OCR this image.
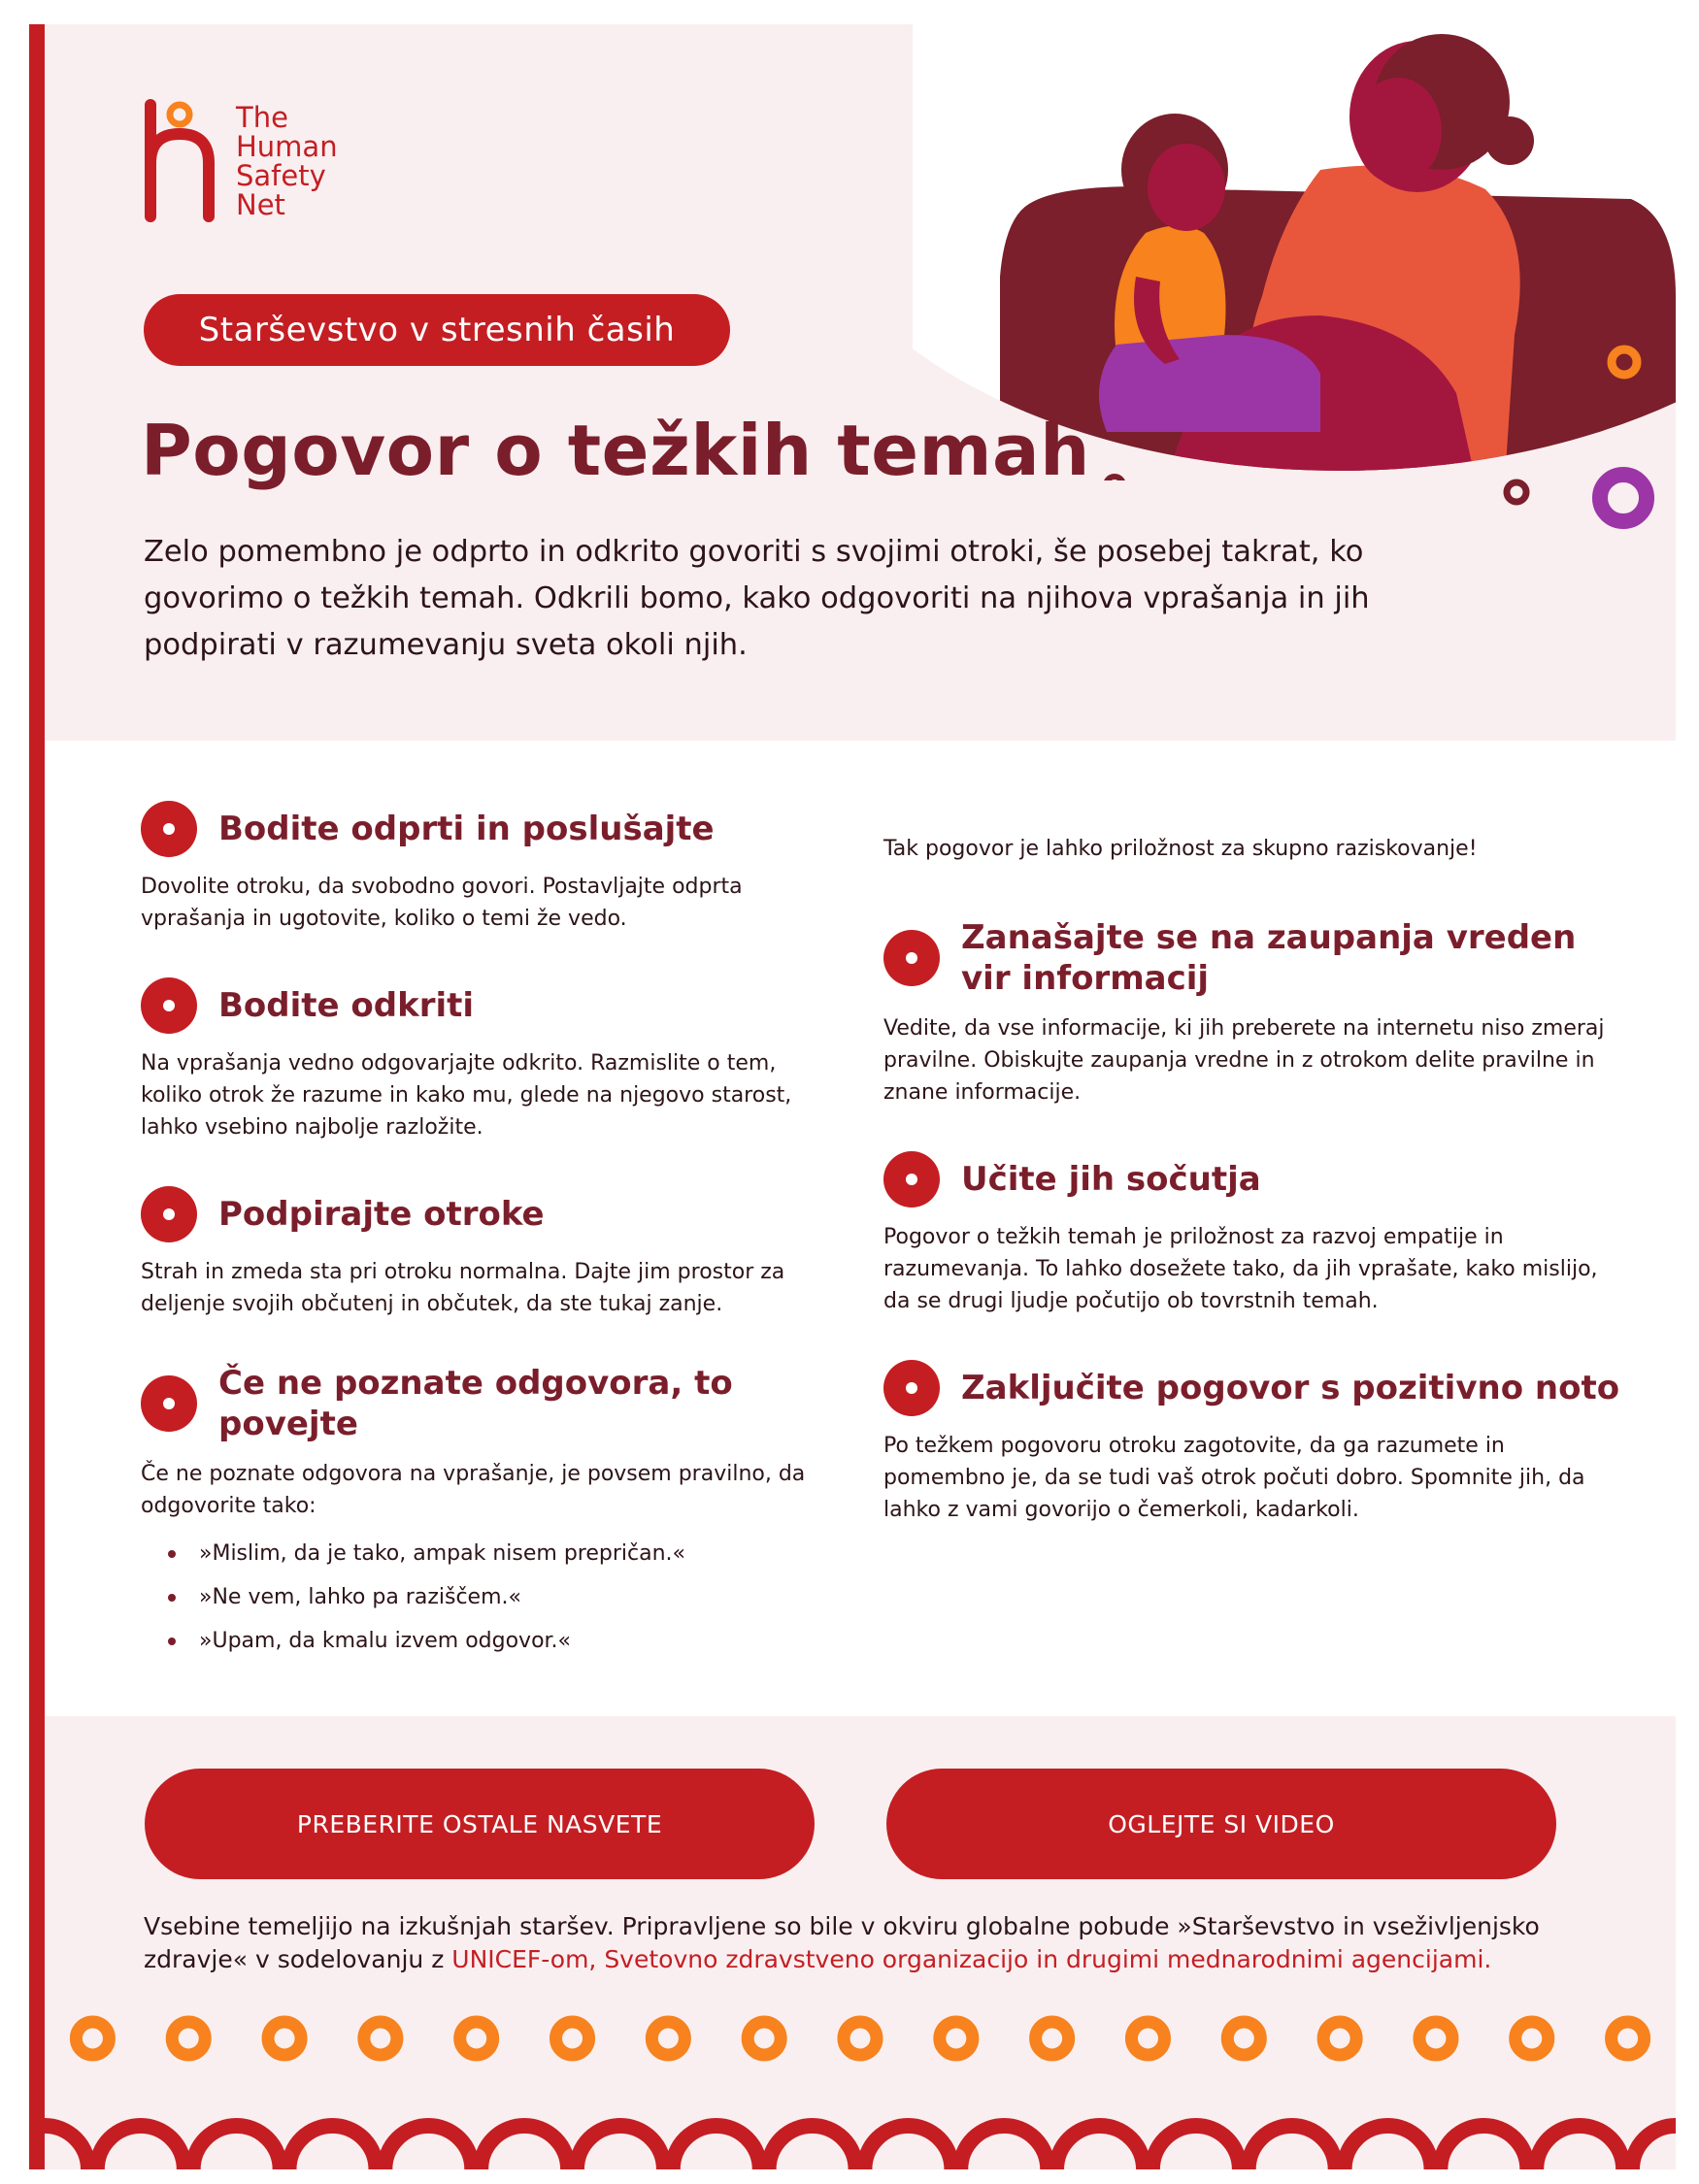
The
Human
Safety
Net
Starševstvo v stresnih časih
Pogovor o težkih temah

Zelo pomembno je odprto in odkrito govoriti s svojimi otroki, še posebej takrat, ko govorimo o težkih temah. Odkrili bomo, kako odgovoriti na njihova vprašanja in jih podpirati v razumevanju sveta okoli njih.

Bodite odprti in poslušajte

Dovolite otroku, da svobodno govori. Postavljajte odprta vprašanja in ugotovite, koliko o temi že vedo.

Bodite odkriti

Na vprašanja vedno odgovarjajte odkrito. Razmislite o tem, koliko otrok že razume in kako mu, glede na njegovo starost, lahko vsebino najbolje razložite.

Podpirajte otroke

Strah in zmeda sta pri otroku normalna. Dajte jim prostor za deljenje svojih občutenj in občutek, da ste tukaj zanje.

Če ne poznate odgovora, to povejte

Če ne poznate odgovora na vprašanje, je povsem pravilno, da odgovorite tako:

»Mislim, da je tako, ampak nisem prepričan.«
»Ne vem, lahko pa raziščem.«
»Upam, da kmalu izvem odgovor.«

Tak pogovor je lahko priložnost za skupno raziskovanje!

Zanašajte se na zaupanja vreden vir informacij

Vedite, da vse informacije, ki jih preberete na internetu niso zmeraj pravilne. Obiskujte zaupanja vredne in z otrokom delite pravilne in znane informacije.

Učite jih sočutja

Pogovor o težkih temah je priložnost za razvoj empatije in razumevanja. To lahko dosežete tako, da jih vprašate, kako mislijo, da se drugi ljudje počutijo ob tovrstnih temah.

Zaključite pogovor s pozitivno noto

Po težkem pogovoru otroku zagotovite, da ga razumete in pomembno je, da se tudi vaš otrok počuti dobro. Spomnite jih, da lahko z vami govorijo o čemerkoli, kadarkoli.

PREBERITE OSTALE NASVETE	OGLEJTE SI VIDEO

Vsebine temeljijo na izkušnjah staršev. Pripravljene so bile v okviru globalne pobude »Starševstvo in vseživljenjsko zdravje« v sodelovanju z UNICEF-om, Svetovno zdravstveno organizacijo in drugimi mednarodnimi agencijami.
